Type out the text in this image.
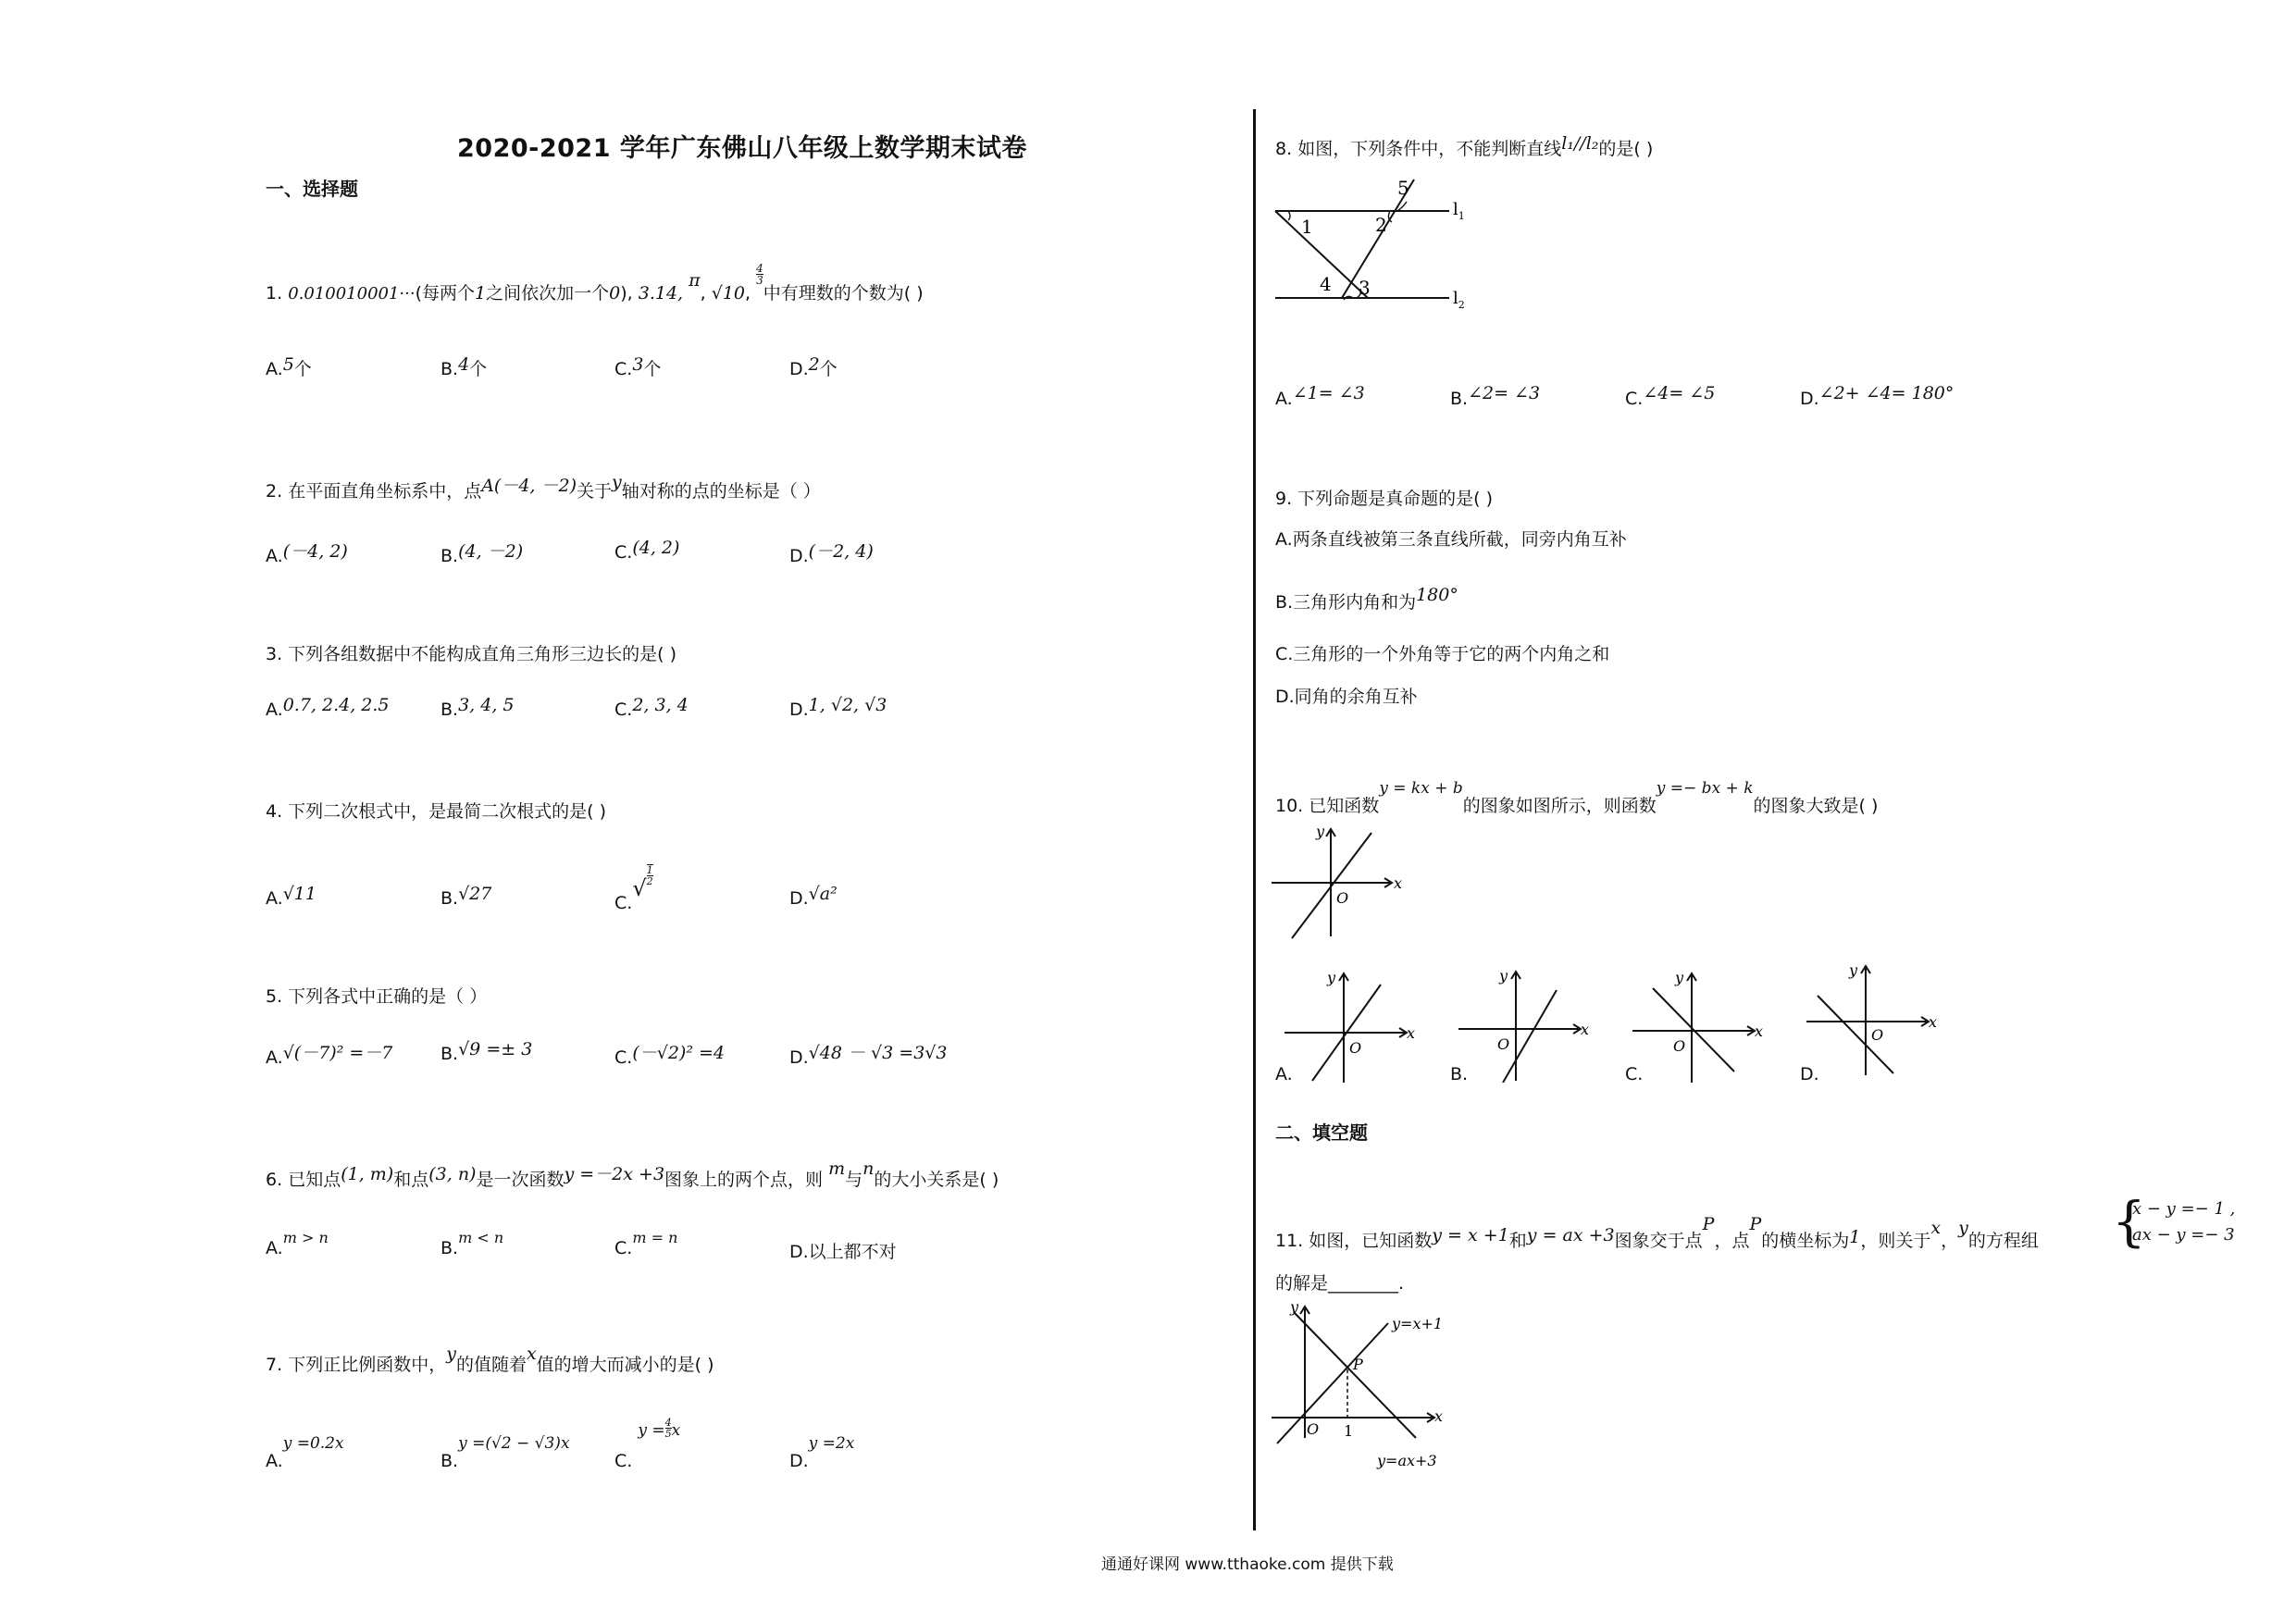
2020-2021 学年广东佛山八年级上数学期末试卷
一、选择题
1. 0.010010001···(每两个1之间依次加一个0), 3.14, π, √10,
$\frac{4}{3}$
中有理数的个数为( )
A.5个	B.4个	C.3个	D.2个
2. 在平面直角坐标系中，点A(－4, －2)关于y轴对称的点的坐标是（ ）
A.(－4, 2)	B.(4, －2)	C.(4, 2)	D.(－2, 4)
3. 下列各组数据中不能构成直角三角形三边长的是( )
A.0.7, 2.4, 2.5	B.3, 4, 5	C.2, 3, 4	D.1, √2, √3
4. 下列二次根式中，是最简二次根式的是( )
A.√11	B.√27	$C.√ \frac{1}{2}$
D.√a²
5. 下列各式中正确的是（ ）
A.√(－7)² =－7	B.√9 =± 3	C.(－√2)² =4	D.√48 － √3 =3√3
6. 已知点(1, m)和点(3, n)是一次函数y =－2x +3图象上的两个点，则 m与n的大小关系是( )
A.m > n
B.m < n
C.m = n
D.以上都不对
7. 下列正比例函数中，y的值随着x值的增大而减小的是( )
A.y =0.2x
B.y =(√2 − √3)x
C. $y = \frac{4}{5}$ x
D.y =2x
8. 如图，下列条件中，不能判断直线l₁//l₂的是( )
1	2
3
4
5
$l_1$
$l_2$
A.∠1= ∠3	B.∠2= ∠3	C.∠4= ∠5	D.∠2+ ∠4= 180°
9. 下列命题是真命题的是( )
A.两条直线被第三条直线所截，同旁内角互补
B.三角形内角和为180°
C.三角形的一个外角等于它的两个内角之和
D.同角的余角互补
10. 已知函数y = kx + b的图象如图所示，则函数y =− bx + k的图象大致是( )
x
y
O
x
y
O
x
y
O
x
y
O
x
y
O
A.	B.	C.	D.
二、填空题
11. 如图，已知函数y = x +1和y = ax +3图象交于点P，点P的横坐标为1，则关于x，y的方程组 {
x − y =− 1 ,
ax − y =− 3
的解是________.
x
y
O 1
P
y=x+1
y=ax+3
通通好课网 www.tthaoke.com 提供下载
